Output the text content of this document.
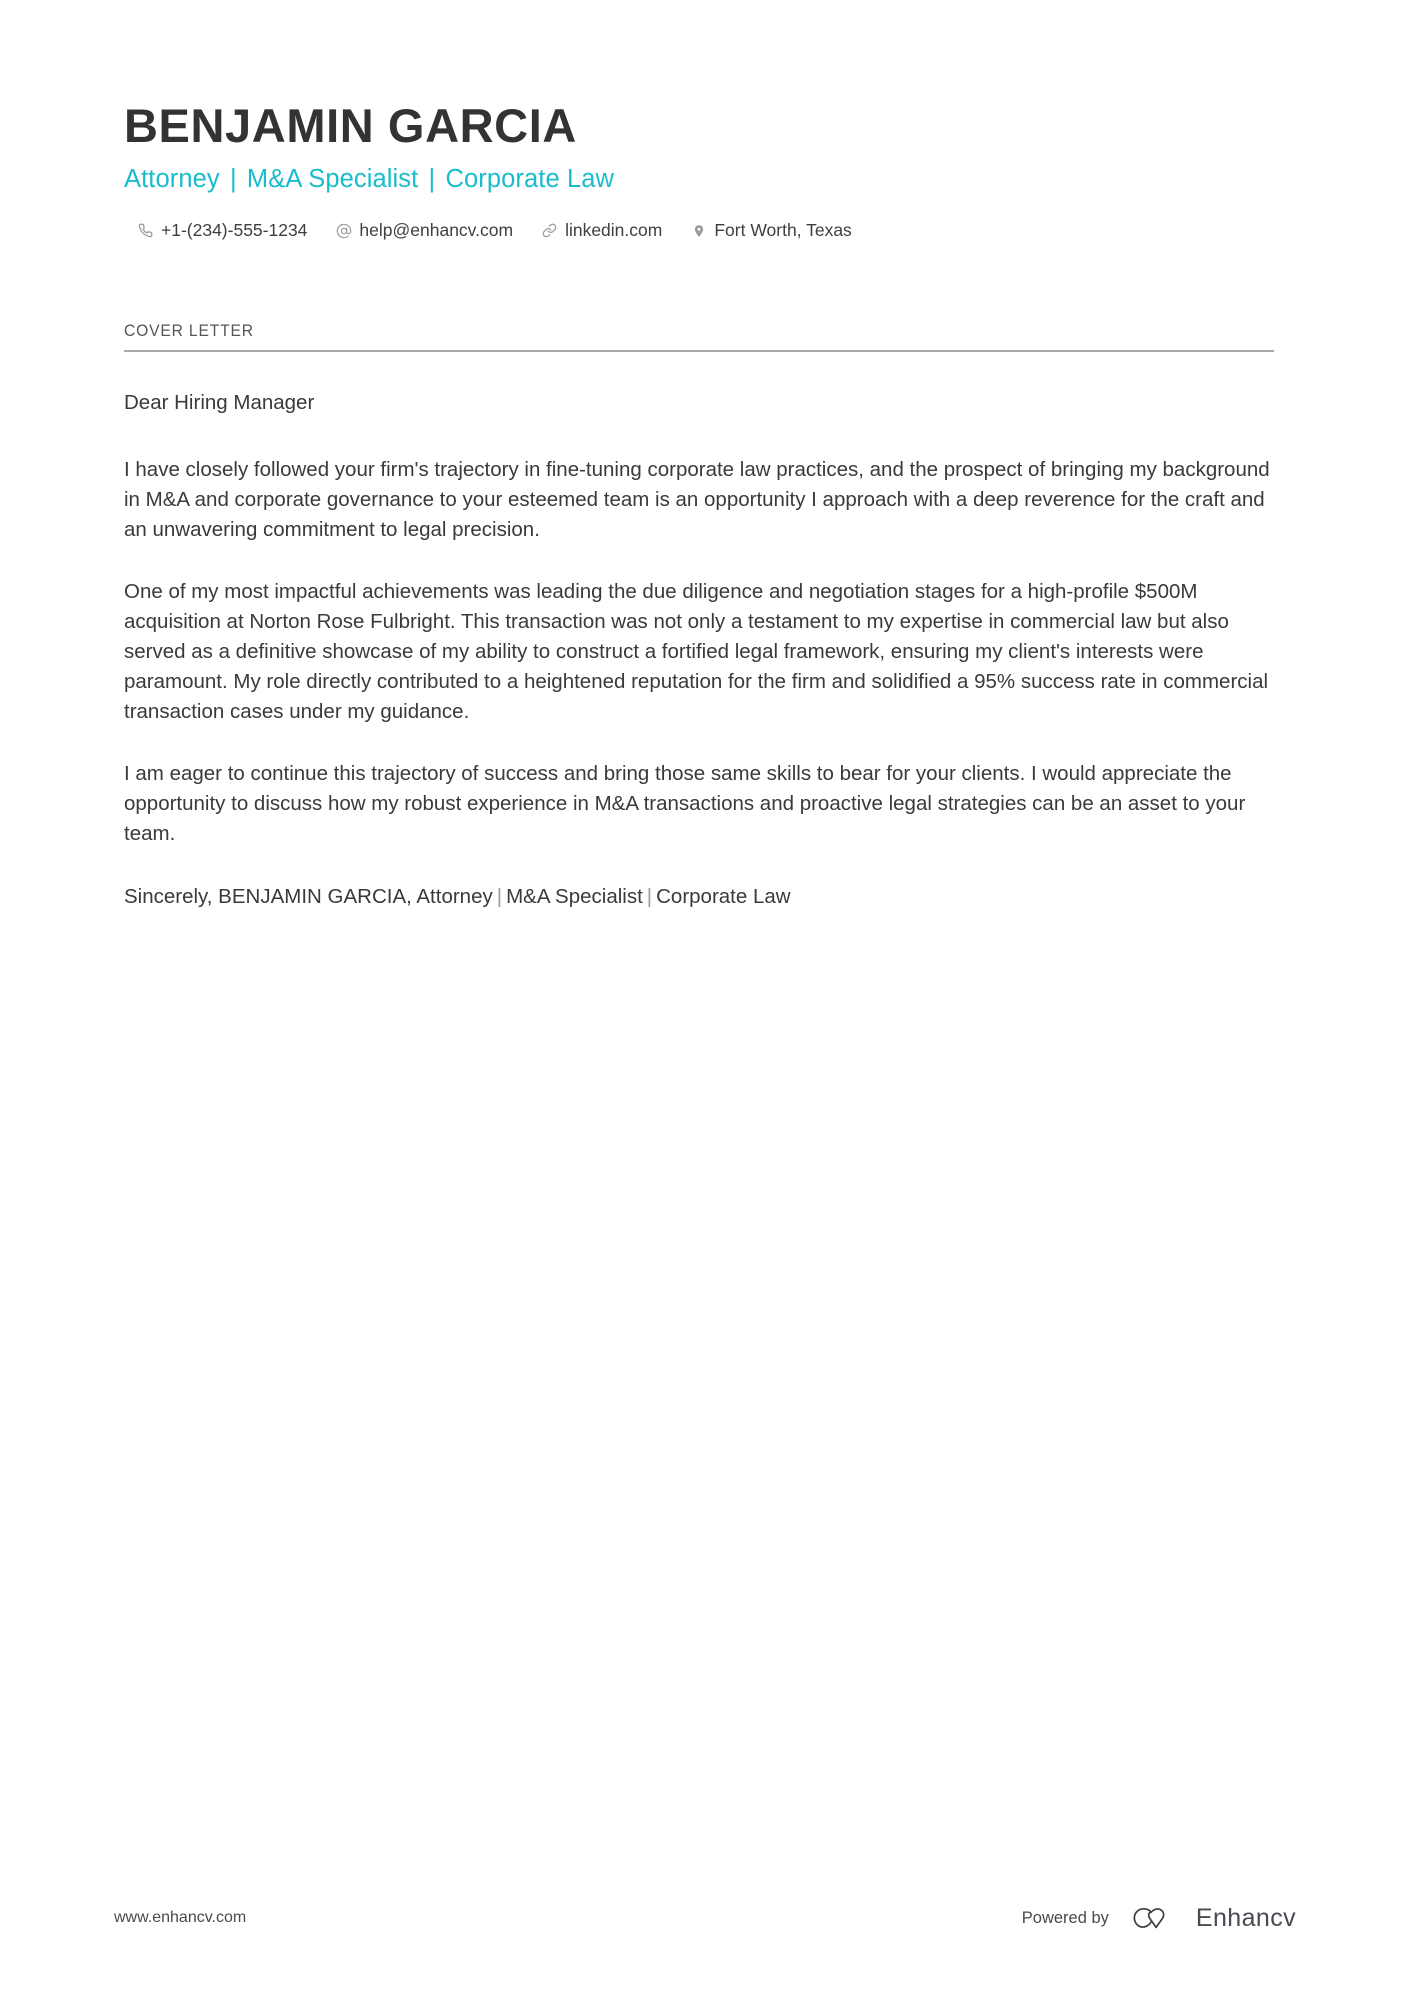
BENJAMIN GARCIA
Attorney | M&A Specialist | Corporate Law
+1-(234)-555-1234	help@enhancv.com	linkedin.com	Fort Worth, Texas
COVER LETTER

Dear Hiring Manager

I have closely followed your firm's trajectory in fine-tuning corporate law practices, and the prospect of bringing my background in M&A and corporate governance to your esteemed team is an opportunity I approach with a deep reverence for the craft and an unwavering commitment to legal precision.

One of my most impactful achievements was leading the due diligence and negotiation stages for a high-profile $500M acquisition at Norton Rose Fulbright. This transaction was not only a testament to my expertise in commercial law but also served as a definitive showcase of my ability to construct a fortified legal framework, ensuring my client's interests were paramount. My role directly contributed to a heightened reputation for the firm and solidified a 95% success rate in commercial transaction cases under my guidance.

I am eager to continue this trajectory of success and bring those same skills to bear for your clients. I would appreciate the opportunity to discuss how my robust experience in M&A transactions and proactive legal strategies can be an asset to your team.

Sincerely, BENJAMIN GARCIA, Attorney | M&A Specialist | Corporate Law

www.enhancv.com	Powered by	Enhancv
